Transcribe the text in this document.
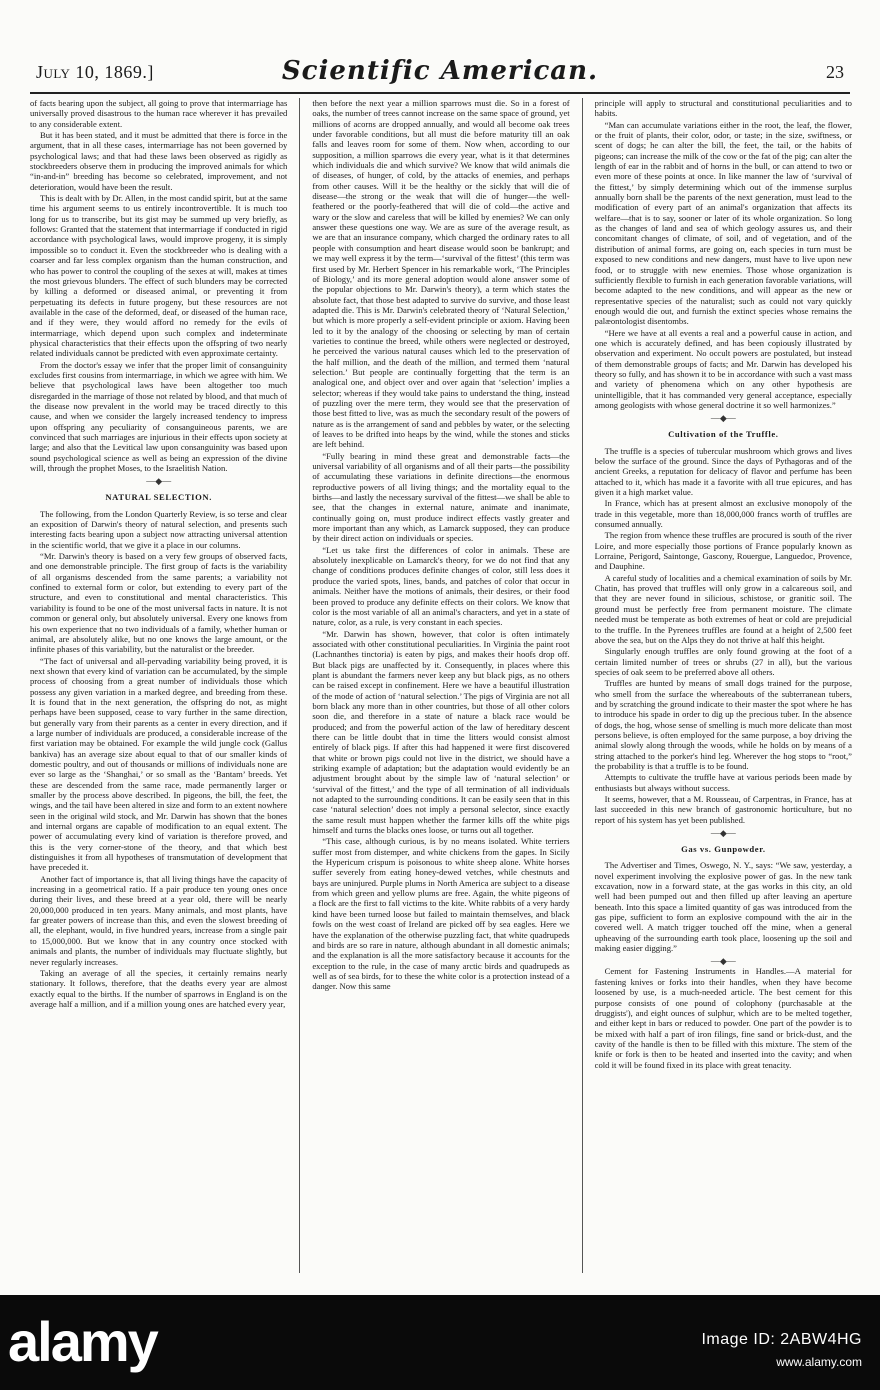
July 10, 1869.]	Scientific American.	23

of facts bearing upon the subject, all going to prove that intermarriage has universally proved disastrous to the human race wherever it has prevailed to any considerable extent.

But it has been stated, and it must be admitted that there is force in the argument, that in all these cases, intermarriage has not been governed by psychological laws; and that had these laws been observed as rigidly as stockbreeders observe them in producing the improved animals for which “in-and-in” breeding has become so celebrated, improvement, and not deterioration, would have been the result.

This is dealt with by Dr. Allen, in the most candid spirit, but at the same time his argument seems to us entirely incontrovertible. It is much too long for us to transcribe, but its gist may be summed up very briefly, as follows: Granted that the statement that intermarriage if conducted in rigid accordance with psychological laws, would improve progeny, it is simply impossible so to conduct it. Even the stockbreeder who is dealing with a coarser and far less complex organism than the human construction, and who has power to control the coupling of the sexes at will, makes at times the most grievous blunders. The effect of such blunders may be corrected by killing a deformed or diseased animal, or preventing it from perpetuating its defects in future progeny, but these resources are not available in the case of the deformed, deaf, or diseased of the human race, and if they were, they would afford no remedy for the evils of intermarriage, which depend upon such complex and indeterminate physical characteristics that their effects upon the offspring of two nearly related individuals cannot be predicted with even approximate certainty.

From the doctor's essay we infer that the proper limit of consanguinity excludes first cousins from intermarriage, in which we agree with him. We believe that psychological laws have been altogether too much disregarded in the marriage of those not related by blood, and that much of the disease now prevalent in the world may be traced directly to this cause, and when we consider the largely increased tendency to impress upon offspring any peculiarity of consanguineous parents, we are convinced that such marriages are injurious in their effects upon society at large; and also that the Levitical law upon consanguinity was based upon sound psychological science as well as being an expression of the divine will, through the prophet Moses, to the Israelitish Nation.

—◆—
NATURAL SELECTION.

The following, from the London Quarterly Review, is so terse and clear an exposition of Darwin's theory of natural selection, and presents such interesting facts bearing upon a subject now attracting universal attention in the scientific world, that we give it a place in our columns.

“Mr. Darwin's theory is based on a very few groups of observed facts, and one demonstrable principle. The first group of facts is the variability of all organisms descended from the same parents; a variability not confined to external form or color, but extending to every part of the structure, and even to constitutional and mental characteristics. This variability is found to be one of the most universal facts in nature. It is not common or general only, but absolutely universal. Every one knows from his own experience that no two individuals of a family, whether human or animal, are absolutely alike, but no one knows the large amount, or the infinite phases of this variability, but the naturalist or the breeder.

“The fact of universal and all-pervading variability being proved, it is next shown that every kind of variation can be accumulated, by the simple process of choosing from a great number of individuals those which possess any given variation in a marked degree, and breeding from these. It is found that in the next generation, the offspring do not, as might perhaps have been supposed, cease to vary further in the same direction, but generally vary from their parents as a center in every direction, and if a large number of individuals are produced, a considerable increase of the first variation may be obtained. For example the wild jungle cock (Gallus bankiva) has an average size about equal to that of our smaller kinds of domestic poultry, and out of thousands or millions of individuals none are ever so large as the ‘Shanghai,’ or so small as the ‘Bantam’ breeds. Yet these are descended from the same race, made permanently larger or smaller by the process above described. In pigeons, the bill, the feet, the wings, and the tail have been altered in size and form to an extent nowhere seen in the original wild stock, and Mr. Darwin has shown that the bones and internal organs are capable of modification to an equal extent. The power of accumulating every kind of variation is therefore proved, and this is the very corner-stone of the theory, and that which best distinguishes it from all hypotheses of transmutation of development that have preceded it.

Another fact of importance is, that all living things have the capacity of increasing in a geometrical ratio. If a pair produce ten young ones once during their lives, and these breed at a year old, there will be nearly 20,000,000 produced in ten years. Many animals, and most plants, have far greater powers of increase than this, and even the slowest breeding of all, the elephant, would, in five hundred years, increase from a single pair to 15,000,000. But we know that in any country once stocked with animals and plants, the number of individuals may fluctuate slightly, but never regularly increases.

Taking an average of all the species, it certainly remains nearly stationary. It follows, therefore, that the deaths every year are almost exactly equal to the births. If the number of sparrows in England is on the average half a million, and if a million young ones are hatched every year,

then before the next year a million sparrows must die. So in a forest of oaks, the number of trees cannot increase on the same space of ground, yet millions of acorns are dropped annually, and would all become oak trees under favorable conditions, but all must die before maturity till an oak falls and leaves room for some of them. Now when, according to our supposition, a million sparrows die every year, what is it that determines which individuals die and which survive? We know that wild animals die of diseases, of hunger, of cold, by the attacks of enemies, and perhaps from other causes. Will it be the healthy or the sickly that will die of disease—the strong or the weak that will die of hunger—the well-feathered or the poorly-feathered that will die of cold—the active and wary or the slow and careless that will be killed by enemies? We can only answer these questions one way. We are as sure of the average result, as we are that an insurance company, which charged the ordinary rates to all people with consumption and heart disease would soon be bankrupt; and we may well express it by the term—‘survival of the fittest’ (this term was first used by Mr. Herbert Spencer in his remarkable work, ‘The Principles of Biology,’ and its more general adoption would alone answer some of the popular objections to Mr. Darwin's theory), a term which states the absolute fact, that those best adapted to survive do survive, and those least adapted die. This is Mr. Darwin's celebrated theory of ‘Natural Selection,’ but which is more properly a self-evident principle or axiom. Having been led to it by the analogy of the choosing or selecting by man of certain varieties to continue the breed, while others were neglected or destroyed, he perceived the various natural causes which led to the preservation of the half million, and the death of the million, and termed them ‘natural selection.’ But people are continually forgetting that the term is an analogical one, and object over and over again that ‘selection’ implies a selector; whereas if they would take pains to understand the thing, instead of puzzling over the mere term, they would see that the preservation of those best fitted to live, was as much the secondary result of the powers of nature as is the arrangement of sand and pebbles by water, or the selecting of leaves to be drifted into heaps by the wind, while the stones and sticks are left behind.

“Fully bearing in mind these great and demonstrable facts—the universal variability of all organisms and of all their parts—the possibility of accumulating these variations in definite directions—the enormous reproductive powers of all living things; and the mortality equal to the births—and lastly the necessary survival of the fittest—we shall be able to see, that the changes in external nature, animate and inanimate, continually going on, must produce indirect effects vastly greater and more important than any which, as Lamarck supposed, they can produce by their direct action on individuals or species.

“Let us take first the differences of color in animals. These are absolutely inexplicable on Lamarck's theory, for we do not find that any change of conditions produces definite changes of color, still less does it produce the varied spots, lines, bands, and patches of color that occur in animals. Neither have the motions of animals, their desires, or their food been proved to produce any definite effects on their colors. We know that color is the most variable of all an animal's characters, and yet in a state of nature, color, as a rule, is very constant in each species.

“Mr. Darwin has shown, however, that color is often intimately associated with other constitutional peculiarities. In Virginia the paint root (Lachnanthes tinctoria) is eaten by pigs, and makes their hoofs drop off. But black pigs are unaffected by it. Consequently, in places where this plant is abundant the farmers never keep any but black pigs, as no others can be raised except in confinement. Here we have a beautiful illustration of the mode of action of ‘natural selection.’ The pigs of Virginia are not all born black any more than in other countries, but those of all other colors soon die, and therefore in a state of nature a black race would be produced; and from the powerful action of the law of hereditary descent there can be little doubt that in time the litters would consist almost entirely of black pigs. If after this had happened it were first discovered that white or brown pigs could not live in the district, we should have a striking example of adaptation; but the adaptation would evidently be an adjustment brought about by the simple law of ‘natural selection’ or ‘survival of the fittest,’ and the type of all termination of all individuals not adapted to the surrounding conditions. It can be easily seen that in this case ‘natural selection’ does not imply a personal selector, since exactly the same result must happen whether the farmer kills off the white pigs himself and turns the blacks ones loose, or turns out all together.

“This case, although curious, is by no means isolated. White terriers suffer most from distemper, and white chickens from the gapes. In Sicily the Hypericum crispum is poisonous to white sheep alone. White horses suffer severely from eating honey-dewed vetches, while chestnuts and bays are uninjured. Purple plums in North America are subject to a disease from which green and yellow plums are free. Again, the white pigeons of a flock are the first to fall victims to the kite. White rabbits of a very hardy kind have been turned loose but failed to maintain themselves, and black fowls on the west coast of Ireland are picked off by sea eagles. Here we have the explanation of the otherwise puzzling fact, that white quadrupeds and birds are so rare in nature, although abundant in all domestic animals; and the explanation is all the more satisfactory because it accounts for the exception to the rule, in the case of many arctic birds and quadrupeds as well as of sea birds, for to these the white color is a protection instead of a danger. Now this same

principle will apply to structural and constitutional peculiarities and to habits.

“Man can accumulate variations either in the root, the leaf, the flower, or the fruit of plants, their color, odor, or taste; in the size, swiftness, or scent of dogs; he can alter the bill, the feet, the tail, or the habits of pigeons; can increase the milk of the cow or the fat of the pig; can alter the length of ear in the rabbit and of horns in the bull, or can attend to two or even more of these points at once. In like manner the law of ‘survival of the fittest,’ by simply determining which out of the immense surplus annually born shall be the parents of the next generation, must lead to the modification of every part of an animal's organization that affects its welfare—that is to say, sooner or later of its whole organization. So long as the changes of land and sea of which geology assures us, and their concomitant changes of climate, of soil, and of vegetation, and of the distribution of animal forms, are going on, each species in turn must be exposed to new conditions and new dangers, must have to live upon new food, or to struggle with new enemies. Those whose organization is sufficiently flexible to furnish in each generation favorable variations, will become adapted to the new conditions, and will appear as the new or representative species of the naturalist; such as could not vary quickly enough would die out, and furnish the extinct species whose remains the palæontologist disentombs.

“Here we have at all events a real and a powerful cause in action, and one which is accurately defined, and has been copiously illustrated by observation and experiment. No occult powers are postulated, but instead of them demonstrable groups of facts; and Mr. Darwin has developed his theory so fully, and has shown it to be in accordance with such a vast mass and variety of phenomena which on any other hypothesis are unintelligible, that it has commanded very general acceptance, especially among geologists with whose general doctrine it so well harmonizes.”

—◆—
Cultivation of the Truffle.

The truffle is a species of tubercular mushroom which grows and lives below the surface of the ground. Since the days of Pythagoras and of the ancient Greeks, a reputation for delicacy of flavor and perfume has been attached to it, which has made it a favorite with all true epicures, and has given it a high market value.

In France, which has at present almost an exclusive monopoly of the trade in this vegetable, more than 18,000,000 francs worth of truffles are consumed annually.

The region from whence these truffles are procured is south of the river Loire, and more especially those portions of France popularly known as Lorraine, Perigord, Saintonge, Gascony, Rouergue, Languedoc, Provence, and Dauphine.

A careful study of localities and a chemical examination of soils by Mr. Chatin, has proved that truffles will only grow in a calcareous soil, and that they are never found in silicious, schistose, or granitic soil. The ground must be perfectly free from permanent moisture. The climate needed must be temperate as both extremes of heat or cold are prejudicial to the truffle. In the Pyrenees truffles are found at a height of 2,500 feet above the sea, but on the Alps they do not thrive at half this height.

Singularly enough truffles are only found growing at the foot of a certain limited number of trees or shrubs (27 in all), but the various species of oak seem to be preferred above all others.

Truffles are hunted by means of small dogs trained for the purpose, who smell from the surface the whereabouts of the subterranean tubers, and by scratching the ground indicate to their master the spot where he has to introduce his spade in order to dig up the precious tuber. In the absence of dogs, the hog, whose sense of smelling is much more delicate than most persons believe, is often employed for the same purpose, a boy driving the animal slowly along through the woods, while he holds on by means of a string attached to the porker's hind leg. Wherever the hog stops to “root,” the probability is that a truffle is to be found.

Attempts to cultivate the truffle have at various periods been made by enthusiasts but always without success.

It seems, however, that a M. Rousseau, of Carpentras, in France, has at last succeeded in this new branch of gastronomic horticulture, but no report of his system has yet been published.

—◆—
Gas vs. Gunpowder.

The Advertiser and Times, Oswego, N. Y., says: “We saw, yesterday, a novel experiment involving the explosive power of gas. In the new tank excavation, now in a forward state, at the gas works in this city, an old well had been pumped out and then filled up after leaving an aperture beneath. Into this space a limited quantity of gas was introduced from the gas pipe, sufficient to form an explosive compound with the air in the covered well. A match trigger touched off the mine, when a general upheaving of the surrounding earth took place, loosening up the soil and making easier digging.”

—◆—

Cement for Fastening Instruments in Handles.—A material for fastening knives or forks into their handles, when they have become loosened by use, is a much-needed article. The best cement for this purpose consists of one pound of colophony (purchasable at the druggists'), and eight ounces of sulphur, which are to be melted together, and either kept in bars or reduced to powder. One part of the powder is to be mixed with half a part of iron filings, fine sand or brick-dust, and the cavity of the handle is then to be filled with this mixture. The stem of the knife or fork is then to be heated and inserted into the cavity; and when cold it will be found fixed in its place with great tenacity.

alamy	Image ID: 2ABW4HG
www.alamy.com
